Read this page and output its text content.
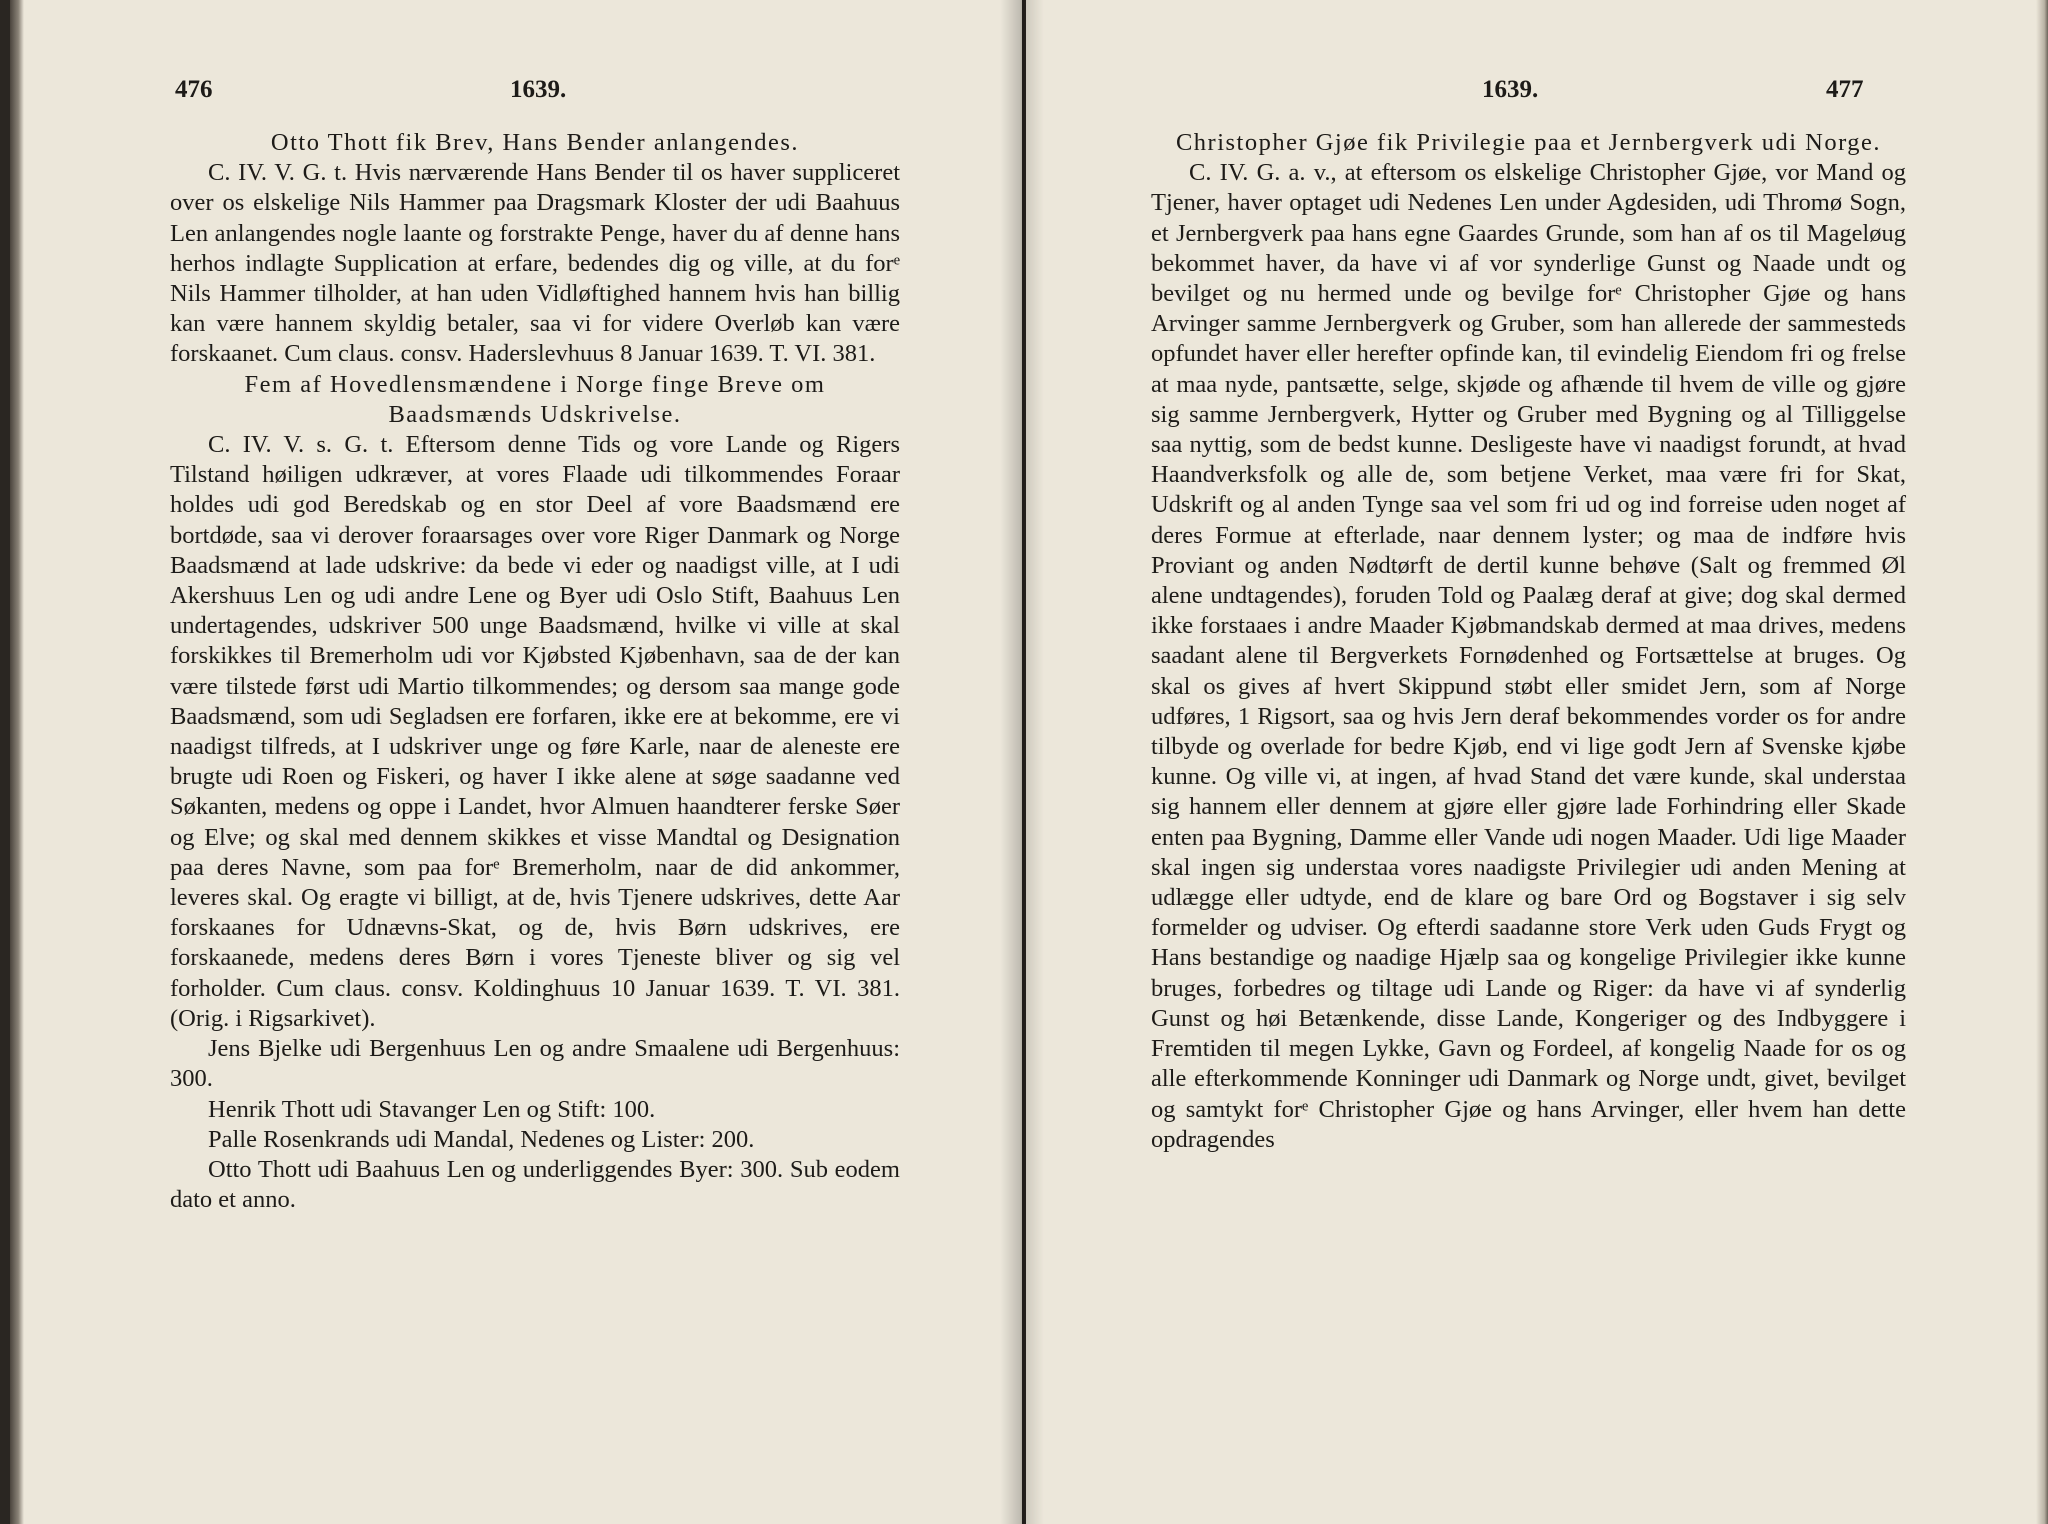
476	1639.

Otto Thott fik Brev, Hans Bender anlangendes.

C. IV. V. G. t. Hvis nærværende Hans Bender til os haver suppliceret over os elskelige Nils Hammer paa Dragsmark Kloster der udi Baahuus Len anlangendes nogle laante og forstrakte Penge, haver du af denne hans herhos indlagte Supplication at erfare, bedendes dig og ville, at du forᵉ Nils Hammer tilholder, at han uden Vidløftighed hannem hvis han billig kan være hannem skyldig betaler, saa vi for videre Overløb kan være forskaanet. Cum claus. consv. Haderslevhuus 8 Januar 1639. T. VI. 381.

Fem af Hovedlensmændene i Norge finge Breve om Baadsmænds Udskrivelse.

C. IV. V. s. G. t. Eftersom denne Tids og vore Lande og Rigers Tilstand høiligen udkræver, at vores Flaade udi tilkommendes Foraar holdes udi god Beredskab og en stor Deel af vore Baadsmænd ere bortdøde, saa vi derover foraarsages over vore Riger Danmark og Norge Baadsmænd at lade udskrive: da bede vi eder og naadigst ville, at I udi Akershuus Len og udi andre Lene og Byer udi Oslo Stift, Baahuus Len undertagendes, udskriver 500 unge Baadsmænd, hvilke vi ville at skal forskikkes til Bremerholm udi vor Kjøbsted Kjøbenhavn, saa de der kan være tilstede først udi Martio tilkommendes; og dersom saa mange gode Baadsmænd, som udi Segladsen ere forfaren, ikke ere at bekomme, ere vi naadigst tilfreds, at I udskriver unge og føre Karle, naar de aleneste ere brugte udi Roen og Fiskeri, og haver I ikke alene at søge saadanne ved Søkanten, medens og oppe i Landet, hvor Almuen haandterer ferske Søer og Elve; og skal med dennem skikkes et visse Mandtal og Designation paa deres Navne, som paa forᵉ Bremerholm, naar de did ankommer, leveres skal. Og eragte vi billigt, at de, hvis Tjenere udskrives, dette Aar forskaanes for Udnævns-Skat, og de, hvis Børn udskrives, ere forskaanede, medens deres Børn i vores Tjeneste bliver og sig vel forholder. Cum claus. consv. Koldinghuus 10 Januar 1639. T. VI. 381. (Orig. i Rigsarkivet).

Jens Bjelke udi Bergenhuus Len og andre Smaalene udi Bergenhuus: 300.

Henrik Thott udi Stavanger Len og Stift: 100.

Palle Rosenkrands udi Mandal, Nedenes og Lister: 200.

Otto Thott udi Baahuus Len og underliggendes Byer: 300. Sub eodem dato et anno.

1639.	477

Christopher Gjøe fik Privilegie paa et Jernbergverk udi Norge.

C. IV. G. a. v., at eftersom os elskelige Christopher Gjøe, vor Mand og Tjener, haver optaget udi Nedenes Len under Agdesiden, udi Thromø Sogn, et Jernbergverk paa hans egne Gaardes Grunde, som han af os til Mageløug bekommet haver, da have vi af vor synderlige Gunst og Naade undt og bevilget og nu hermed unde og bevilge forᵉ Christopher Gjøe og hans Arvinger samme Jernbergverk og Gruber, som han allerede der sammesteds opfundet haver eller herefter opfinde kan, til evindelig Eiendom fri og frelse at maa nyde, pantsætte, selge, skjøde og afhænde til hvem de ville og gjøre sig samme Jernbergverk, Hytter og Gruber med Bygning og al Tilliggelse saa nyttig, som de bedst kunne. Desligeste have vi naadigst forundt, at hvad Haandverksfolk og alle de, som betjene Verket, maa være fri for Skat, Udskrift og al anden Tynge saa vel som fri ud og ind forreise uden noget af deres Formue at efterlade, naar dennem lyster; og maa de indføre hvis Proviant og anden Nødtørft de dertil kunne behøve (Salt og fremmed Øl alene undtagendes), foruden Told og Paalæg deraf at give; dog skal dermed ikke forstaaes i andre Maader Kjøbmandskab dermed at maa drives, medens saadant alene til Bergverkets Fornødenhed og Fortsættelse at bruges. Og skal os gives af hvert Skippund støbt eller smidet Jern, som af Norge udføres, 1 Rigsort, saa og hvis Jern deraf bekommendes vorder os for andre tilbyde og overlade for bedre Kjøb, end vi lige godt Jern af Svenske kjøbe kunne. Og ville vi, at ingen, af hvad Stand det være kunde, skal understaa sig hannem eller dennem at gjøre eller gjøre lade Forhindring eller Skade enten paa Bygning, Damme eller Vande udi nogen Maader. Udi lige Maader skal ingen sig understaa vores naadigste Privilegier udi anden Mening at udlægge eller udtyde, end de klare og bare Ord og Bogstaver i sig selv formelder og udviser. Og efterdi saadanne store Verk uden Guds Frygt og Hans bestandige og naadige Hjælp saa og kongelige Privilegier ikke kunne bruges, forbedres og tiltage udi Lande og Riger: da have vi af synderlig Gunst og høi Betænkende, disse Lande, Kongeriger og des Indbyggere i Fremtiden til megen Lykke, Gavn og Fordeel, af kongelig Naade for os og alle efterkommende Konninger udi Danmark og Norge undt, givet, bevilget og samtykt forᵉ Christopher Gjøe og hans Arvinger, eller hvem han dette opdragendes
